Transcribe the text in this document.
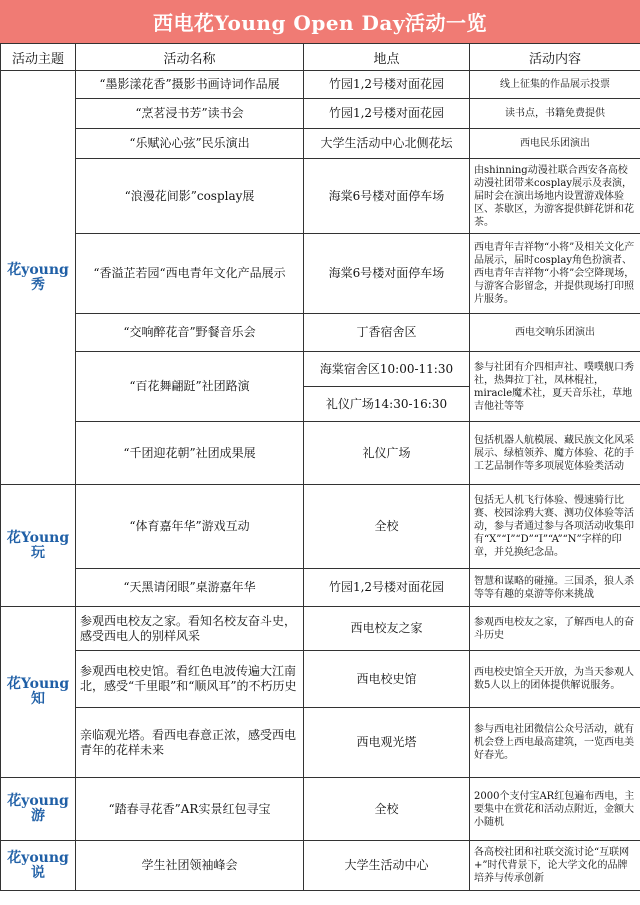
西电花Young Open Day活动一览
活动主题	活动名称	地点	活动内容
花young秀	“墨影漾花香”摄影书画诗词作品展	竹园1,2号楼对面花园	线上征集的作品展示投票
	“烹茗浸书芳”读书会	竹园1,2号楼对面花园	读书点，书籍免费提供
	“乐赋沁心弦”民乐演出	大学生活动中心北侧花坛	西电民乐团演出
	“浪漫花间影”cosplay展	海棠6号楼对面停车场	由shinning动漫社联合西安各高校动漫社团带来cosplay展示及表演，届时会在演出场地内设置游戏体验区、茶歇区，为游客提供鲜花饼和花茶。
	“香溢芷若园“西电青年文化产品展示	海棠6号楼对面停车场	西电青年吉祥物“小将”及相关文化产品展示，届时cosplay角色扮演者、西电青年吉祥物“小将”会空降现场，与游客合影留念，并提供现场打印照片服务。
	“交响醉花音”野餐音乐会	丁香宿舍区	西电交响乐团演出
	“百花舞翩跹”社团路演	海棠宿舍区10:00-11:30	参与社团有介四相声社、噗噗舰口秀社，热舞拉丁社，凤林棍社，miracle魔术社，夏天音乐社，草地吉他社等等
		礼仪广场14:30-16:30	
	“千团迎花朝”社团成果展	礼仪广场	包括机器人航模展、藏民族文化风采展示、绿植领养、魔方体验、花的手工艺品制作等多项展览体验类活动
花Young玩	“体育嘉年华”游戏互动	全校	包括无人机飞行体验、慢速骑行比赛、校园涂鸦大赛、测功仪体验等活动，参与者通过参与各项活动收集印有“X”“I”“D”“I”“A”“N”字样的印章，并兑换纪念品。
	“天黑请闭眼”桌游嘉年华	竹园1,2号楼对面花园	智慧和谋略的碰撞。三国杀，狼人杀等等有趣的桌游等你来挑战
花Young知	参观西电校友之家。看知名校友奋斗史，感受西电人的别样风采	西电校友之家	参观西电校友之家，了解西电人的奋斗历史
	参观西电校史馆。看红色电波传遍大江南北，感受“千里眼”和“顺风耳”的不朽历史	西电校史馆	西电校史馆全天开放，为当天参观人数5人以上的团体提供解说服务。
	亲临观光塔。看西电春意正浓，感受西电青年的花样未来	西电观光塔	参与西电社团微信公众号活动，就有机会登上西电最高建筑，一览西电美好春光。
花young游	“踏春寻花香”AR实景红包寻宝	全校	2000个支付宝AR红包遍布西电，主要集中在赏花和活动点附近，金额大小随机
花young说	学生社团领袖峰会	大学生活动中心	各高校社团和社联交流讨论“互联网+”时代背景下，论大学文化的品牌培养与传承创新
